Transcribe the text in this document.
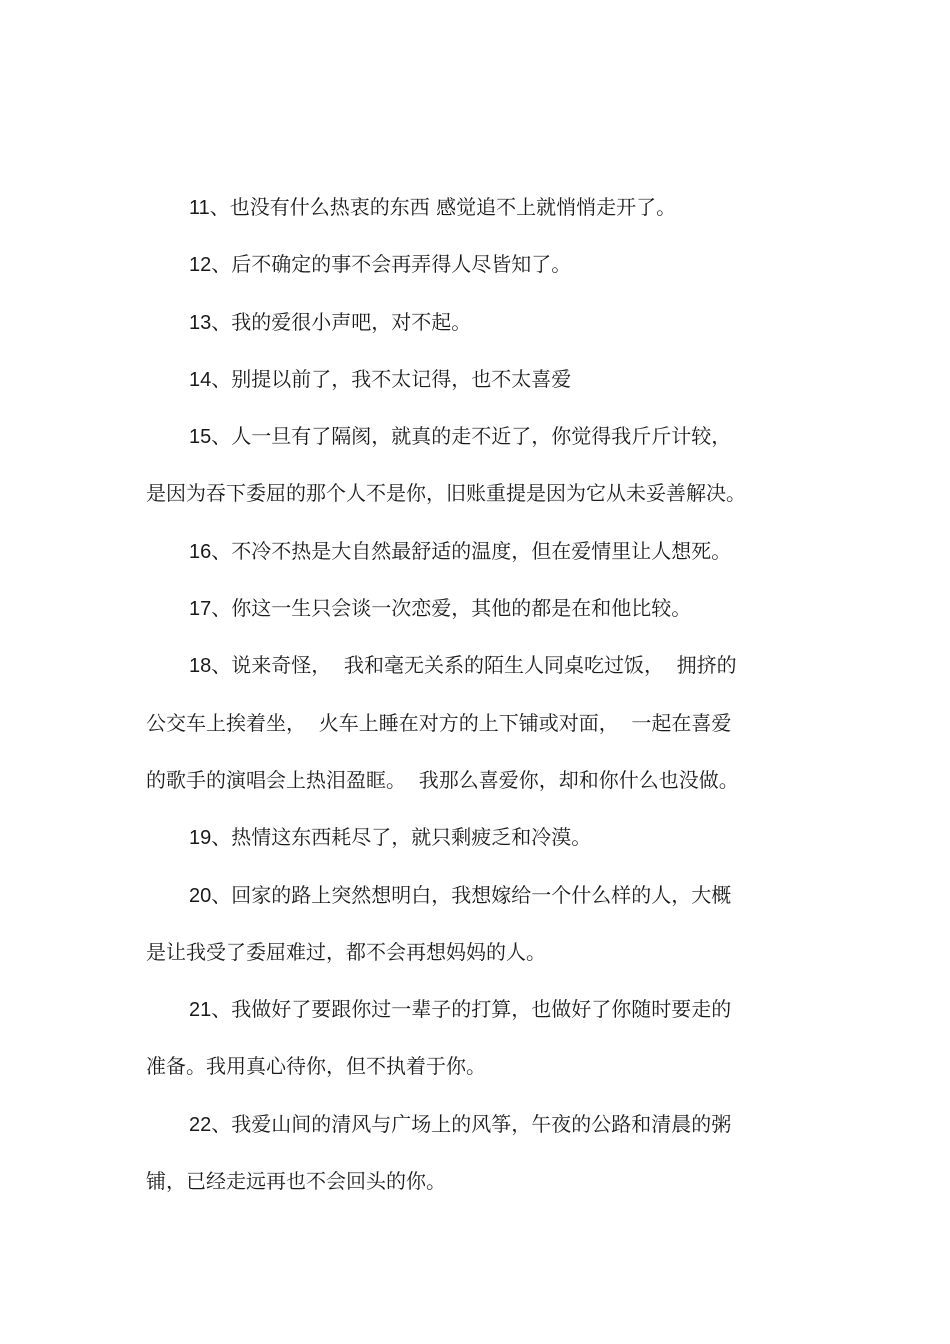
11、也没有什么热衷的东西 感觉追不上就悄悄走开了。
12、后不确定的事不会再弄得人尽皆知了。
13、我的爱很小声吧，对不起。
14、别提以前了，我不太记得，也不太喜爱
15、人一旦有了隔阂，就真的走不近了，你觉得我斤斤计较，
是因为吞下委屈的那个人不是你，旧账重提是因为它从未妥善解决。
16、不冷不热是大自然最舒适的温度，但在爱情里让人想死。
17、你这一生只会谈一次恋爱，其他的都是在和他比较。
18、说来奇怪，  我和毫无关系的陌生人同桌吃过饭，  拥挤的
公交车上挨着坐，  火车上睡在对方的上下铺或对面，  一起在喜爱
的歌手的演唱会上热泪盈眶。  我那么喜爱你，却和你什么也没做。
19、热情这东西耗尽了，就只剩疲乏和冷漠。
20、回家的路上突然想明白，我想嫁给一个什么样的人，大概
是让我受了委屈难过，都不会再想妈妈的人。
21、我做好了要跟你过一辈子的打算，也做好了你随时要走的
准备。我用真心待你，但不执着于你。
22、我爱山间的清风与广场上的风筝，午夜的公路和清晨的粥
铺，已经走远再也不会回头的你。
